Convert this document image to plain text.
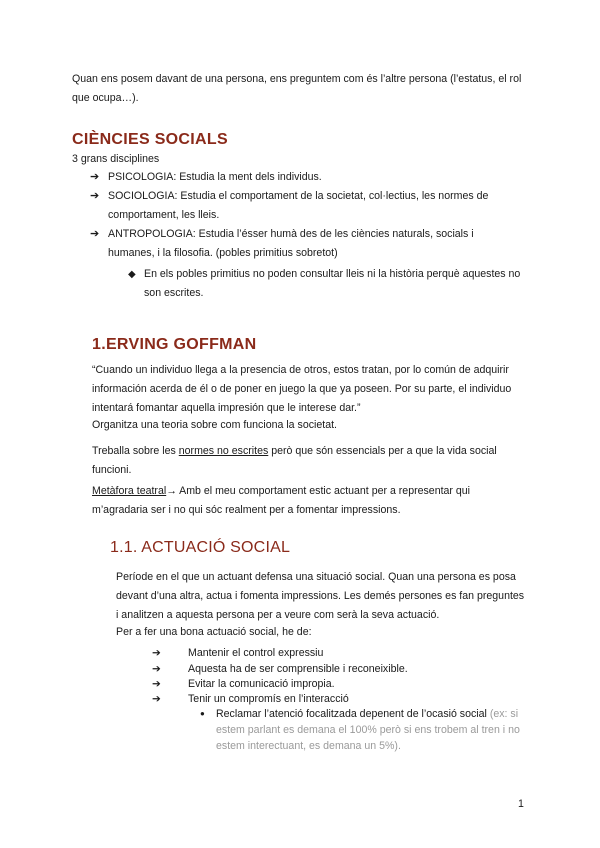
Quan ens posem davant de una persona, ens preguntem com és l’altre persona (l’estatus, el rol que ocupa…).
CIÈNCIES SOCIALS
3 grans disciplines
➔ PSICOLOGIA: Estudia la ment dels individus.
➔ SOCIOLOGIA: Estudia el comportament de la societat, col·lectius, les normes de comportament, les lleis.
➔ ANTROPOLOGIA: Estudia l’ésser humà des de les ciències naturals, socials i humanes, i la filosofia. (pobles primitius sobretot)
◆ En els pobles primitius no poden consultar lleis ni la història perquè aquestes no son escrites.
1.ERVING GOFFMAN
“Cuando un individuo llega a la presencia de otros, estos tratan, por lo común de adquirir información acerda de él o de poner en juego la que ya poseen. Por su parte, el individuo intentará fomantar aquella impresión que le interese dar.”
Organitza una teoria sobre com funciona la societat.
Treballa sobre les normes no escrites però que són essencials per a que la vida social funcioni.
Metàfora teatral→ Amb el meu comportament estic actuant per a representar qui m’agradaria ser i no qui sóc realment per a fomentar impressions.
1.1. ACTUACIÓ SOCIAL
Període en el que un actuant defensa una situació social. Quan una persona es posa devant d’una altra, actua i fomenta impressions. Les demés persones es fan preguntes i analitzen a aquesta persona per a veure com serà la seva actuació.
Per a fer una bona actuació social, he de:
➔	Mantenir el control expressiu
➔	Aquesta ha de ser comprensible i reconeixible.
➔	Evitar la comunicació impropia.
➔	Tenir un compromís en l’interacció
● Reclamar l’atenció focalitzada depenent de l’ocasió social (ex: si estem parlant es demana el 100% però si ens trobem al tren i no estem interectuant, es demana un 5%).
1
